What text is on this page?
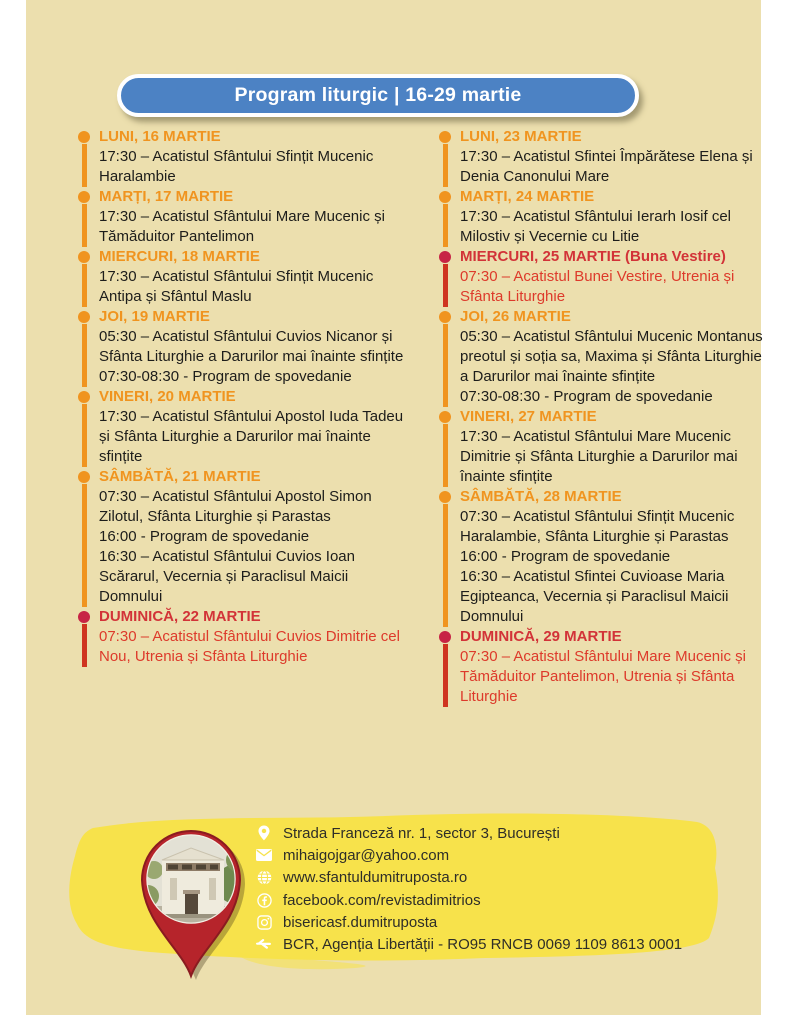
Program liturgic | 16-29 martie
LUNI, 16 MARTIE
17:30 – Acatistul Sfântului Sfințit Mucenic Haralambie
MARȚI, 17 MARTIE
17:30 – Acatistul Sfântului Mare Mucenic și Tămăduitor Pantelimon
MIERCURI, 18 MARTIE
17:30 – Acatistul Sfântului Sfințit Mucenic Antipa și Sfântul Maslu
JOI, 19 MARTIE
05:30 – Acatistul Sfântului Cuvios Nicanor și Sfânta Liturghie a Darurilor mai înainte sfințite
07:30-08:30 - Program de spovedanie
VINERI, 20 MARTIE
17:30 – Acatistul Sfântului Apostol Iuda Tadeu și Sfânta Liturghie a Darurilor mai înainte sfințite
SÂMBĂTĂ, 21 MARTIE
07:30 – Acatistul Sfântului Apostol Simon Zilotul, Sfânta Liturghie și Parastas
16:00 - Program de spovedanie
16:30 – Acatistul Sfântului Cuvios Ioan Scărarul, Vecernia și Paraclisul Maicii Domnului
DUMINICĂ, 22 MARTIE
07:30 – Acatistul Sfântului Cuvios Dimitrie cel Nou, Utrenia și Sfânta Liturghie
LUNI, 23 MARTIE
17:30 – Acatistul Sfintei Împărătese Elena și Denia Canonului Mare
MARȚI, 24 MARTIE
17:30 – Acatistul Sfântului Ierarh Iosif cel Milostiv și Vecernie cu Litie
MIERCURI, 25 MARTIE (Buna Vestire)
07:30 – Acatistul Bunei Vestire, Utrenia și Sfânta Liturghie
JOI, 26 MARTIE
05:30 – Acatistul Sfântului Mucenic Montanus preotul și soția sa, Maxima și Sfânta Liturghie a Darurilor mai înainte sfințite
07:30-08:30 - Program de spovedanie
VINERI, 27 MARTIE
17:30 – Acatistul Sfântului Mare Mucenic Dimitrie și Sfânta Liturghie a Darurilor mai înainte sfințite
SÂMBĂTĂ, 28 MARTIE
07:30 – Acatistul Sfântului Sfințit Mucenic Haralambie, Sfânta Liturghie și Parastas
16:00 - Program de spovedanie
16:30 – Acatistul Sfintei Cuvioase Maria Egipteanca, Vecernia și Paraclisul Maicii Domnului
DUMINICĂ, 29 MARTIE
07:30 – Acatistul Sfântului Mare Mucenic și Tămăduitor Pantelimon, Utrenia și Sfânta Liturghie
Strada Franceză nr. 1, sector 3, București
mihaigojgar@yahoo.com
www.sfantuldumitruposta.ro
facebook.com/revistadimitrios
bisericasf.dumitruposta
BCR, Agenția Libertății - RO95 RNCB 0069 1109 8613 0001
